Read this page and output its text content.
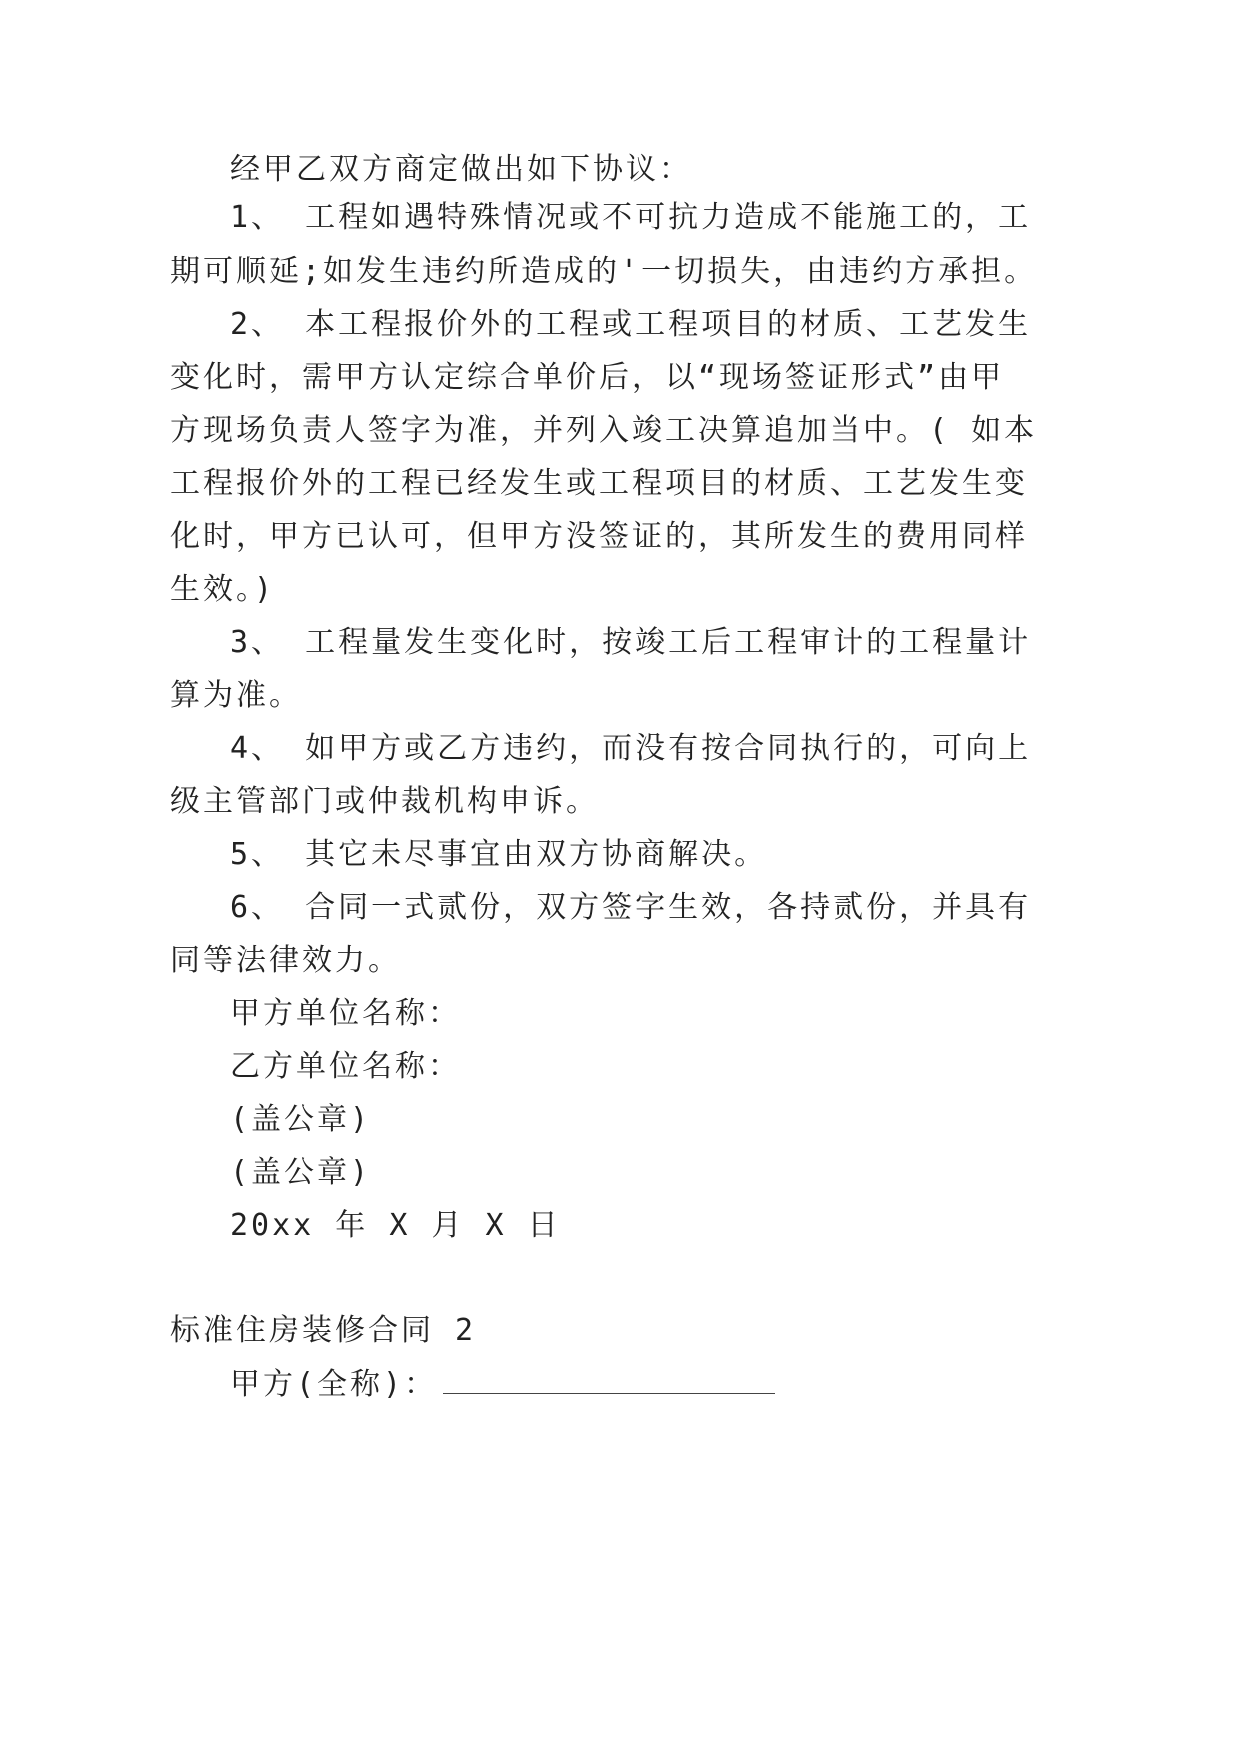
经甲乙双方商定做出如下协议：
1、 工程如遇特殊情况或不可抗力造成不能施工的，工
期可顺延;如发生违约所造成的'一切损失，由违约方承担。
2、 本工程报价外的工程或工程项目的材质、工艺发生
变化时，需甲方认定综合单价后，以“现场签证形式”由甲
方现场负责人签字为准，并列入竣工决算追加当中。( 如本
工程报价外的工程已经发生或工程项目的材质、工艺发生变
化时，甲方已认可，但甲方没签证的，其所发生的费用同样
生效。)
3、 工程量发生变化时，按竣工后工程审计的工程量计
算为准。
4、 如甲方或乙方违约，而没有按合同执行的，可向上
级主管部门或仲裁机构申诉。
5、 其它未尽事宜由双方协商解决。
6、 合同一式贰份，双方签字生效，各持贰份，并具有
同等法律效力。
甲方单位名称：
乙方单位名称：
(盖公章)
(盖公章)
20xx 年 X 月 X 日
标准住房装修合同 2
甲方(全称)：
